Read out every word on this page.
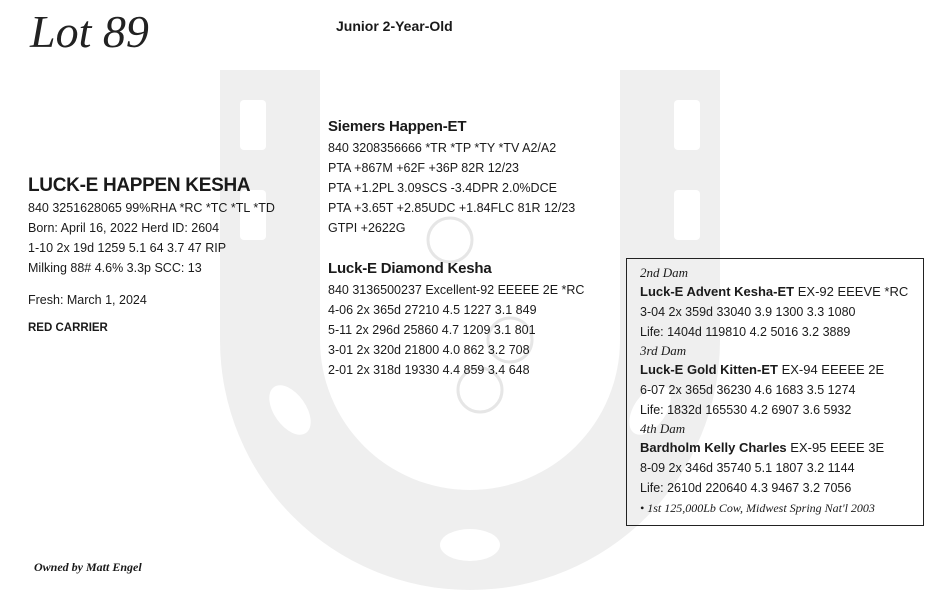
Lot 89	Junior 2-Year-Old
LUCK-E HAPPEN KESHA
840 3251628065 99%RHA *RC *TC *TL *TD
Born: April 16, 2022 Herd ID: 2604
1-10 2x 19d 1259 5.1 64 3.7 47 RIP
Milking 88# 4.6% 3.3p SCC: 13
Fresh: March 1, 2024
RED CARRIER
Siemers Happen-ET
840 3208356666 *TR *TP *TY *TV A2/A2
PTA +867M +62F +36P 82R 12/23
PTA +1.2PL 3.09SCS -3.4DPR 2.0%DCE
PTA +3.65T +2.85UDC +1.84FLC 81R 12/23
GTPI +2622G
Luck-E Diamond Kesha
840 3136500237 Excellent-92 EEEEE 2E *RC
4-06 2x 365d 27210 4.5 1227 3.1 849
5-11 2x 296d 25860 4.7 1209 3.1 801
3-01 2x 320d 21800 4.0 862 3.2 708
2-01 2x 318d 19330 4.4 859 3.4 648
2nd Dam
Luck-E Advent Kesha-ET EX-92 EEEVE *RC
3-04 2x 359d 33040 3.9 1300 3.3 1080
Life: 1404d 119810 4.2 5016 3.2 3889
3rd Dam
Luck-E Gold Kitten-ET EX-94 EEEEE 2E
6-07 2x 365d 36230 4.6 1683 3.5 1274
Life: 1832d 165530 4.2 6907 3.6 5932
4th Dam
Bardholm Kelly Charles EX-95 EEEE 3E
8-09 2x 346d 35740 5.1 1807 3.2 1144
Life: 2610d 220640 4.3 9467 3.2 7056
• 1st 125,000Lb Cow, Midwest Spring Nat'l 2003
Owned by Matt Engel
